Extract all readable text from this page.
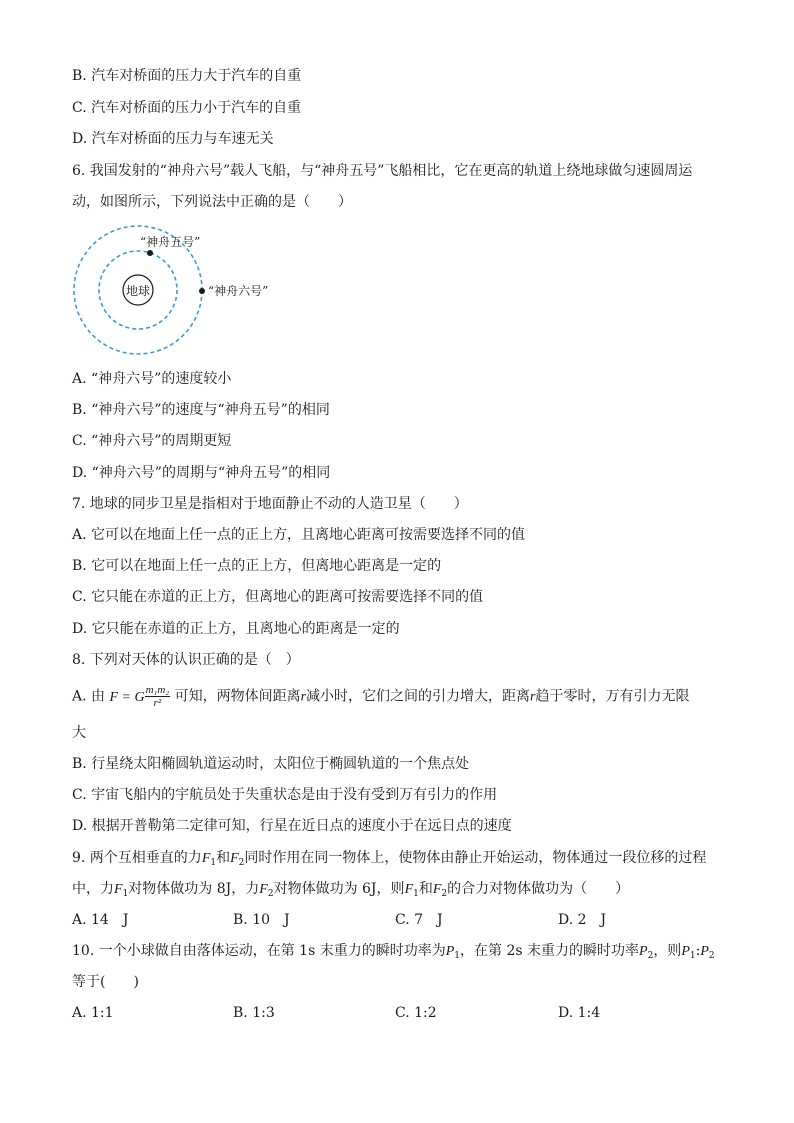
B. 汽车对桥面的压力大于汽车的自重
C. 汽车对桥面的压力小于汽车的自重
D. 汽车对桥面的压力与车速无关
6. 我国发射的“神舟六号”载人飞船，与“神舟五号”飞船相比，它在更高的轨道上绕地球做匀速圆周运
动，如图所示，下列说法中正确的是（　　）
地球
“神舟五号”
“神舟六号”
A. “神舟六号”的速度较小
B. “神舟六号”的速度与“神舟五号”的相同
C. “神舟六号”的周期更短
D. “神舟六号”的周期与“神舟五号”的相同
7. 地球的同步卫星是指相对于地面静止不动的人造卫星（　　）
A. 它可以在地面上任一点的正上方，且离地心距离可按需要选择不同的值
B. 它可以在地面上任一点的正上方，但离地心距离是一定的
C. 它只能在赤道的正上方，但离地心的距离可按需要选择不同的值
D. 它只能在赤道的正上方，且离地心的距离是一定的
8. 下列对天体的认识正确的是（　）
A. 由 F = G $\frac{\text{m₁m₂}}{\text{r²}}$ 可知，两物体间距离r减小时，它们之间的引力增大，距离r趋于零时，万有引力无限
大
B. 行星绕太阳椭圆轨道运动时，太阳位于椭圆轨道的一个焦点处
C. 宇宙飞船内的宇航员处于失重状态是由于没有受到万有引力的作用
D. 根据开普勒第二定律可知，行星在近日点的速度小于在远日点的速度
9. 两个互相垂直的力$F_1$和$F_2$同时作用在同一物体上，使物体由静止开始运动，物体通过一段位移的过程
中，力$F_1$对物体做功为 8J，力$F_2$对物体做功为 6J，则$F_1$和$F_2$的合力对物体做功为（　　）
A. 14　J	B. 10　J	C. 7　J	D. 2　J
10. 一个小球做自由落体运动，在第 1s 末重力的瞬时功率为$P_1$，在第 2s 末重力的瞬时功率$P_2$，则$P_1:P_2$
等于(　　)
A. 1:1	B. 1:3	C. 1:2	D. 1:4
